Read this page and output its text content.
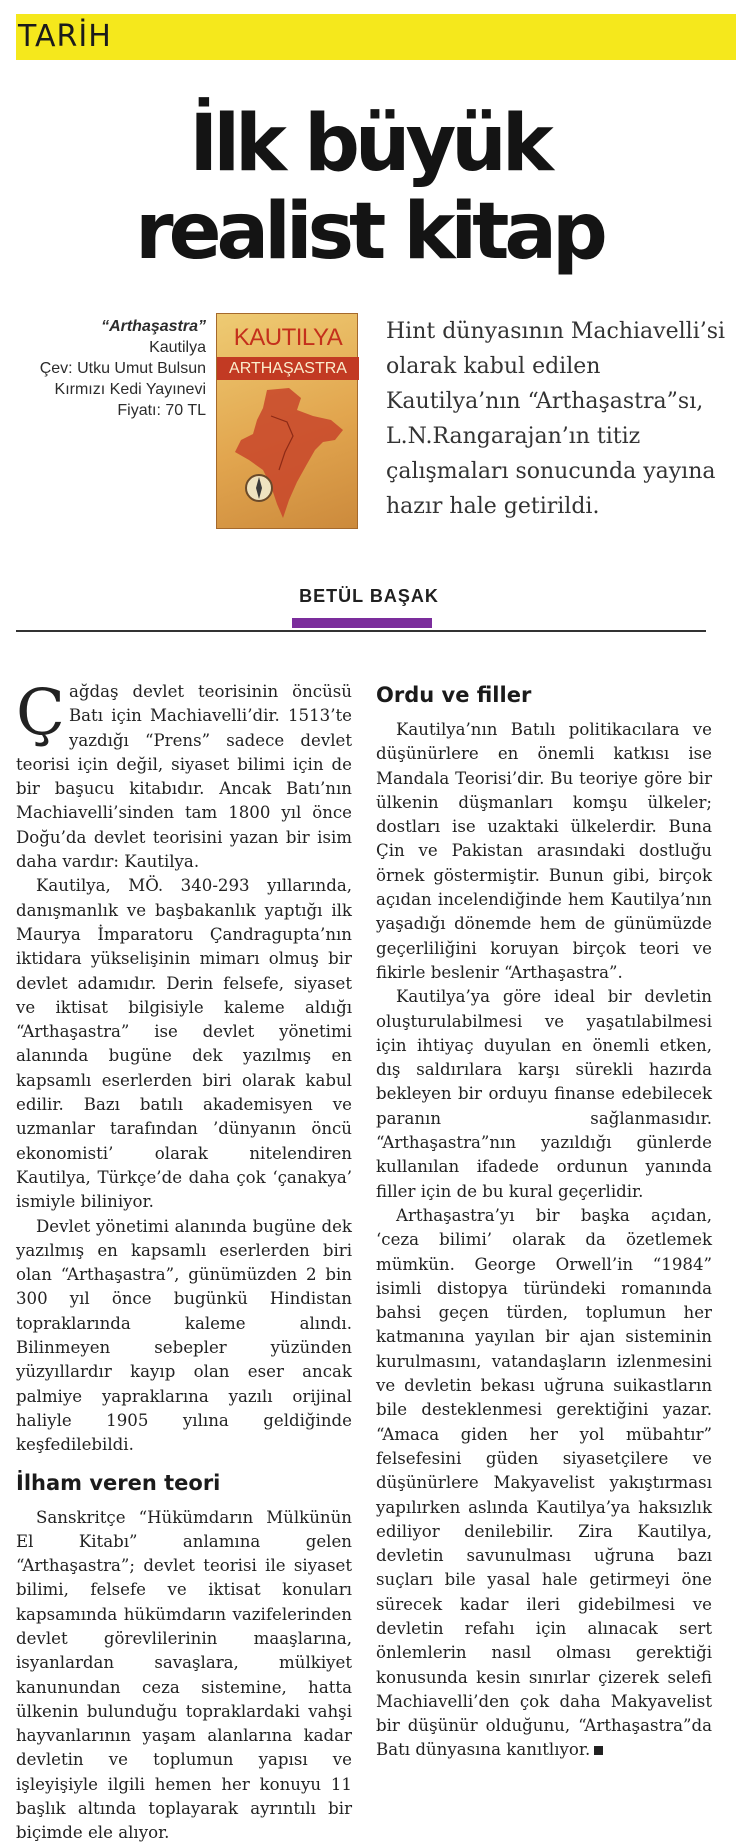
TARİH
İlk büyük
realist kitap
“Arthaşastra”
Kautilya
Çev: Utku Umut Bulsun
Kırmızı Kedi Yayınevi
Fiyatı: 70 TL
KAUTILYA
ARTHAŞASTRA
Hint dünyasının Machiavelli’si olarak kabul edilen Kautilya’nın “Arthaşastra”sı, L.N.Rangarajan’ın titiz çalışmaları sonucunda yayına hazır hale getirildi.
BETÜL BAŞAK

Çağdaş devlet teorisinin öncüsü Batı için Machiavelli’dir. 1513’te yazdığı “Prens” sadece devlet teorisi için değil, siyaset bilimi için de bir başucu kitabıdır. Ancak Batı’nın Machiavelli’sinden tam 1800 yıl önce Doğu’da devlet teorisini yazan bir isim daha vardır: Kautilya.

Kautilya, MÖ. 340-293 yıllarında, danışmanlık ve başbakanlık yaptığı ilk Maurya İmparatoru Çandragupta’nın iktidara yükselişinin mimarı olmuş bir devlet adamıdır. Derin felsefe, siyaset ve iktisat bilgisiyle kaleme aldığı “Arthaşastra” ise devlet yönetimi alanında bugüne dek yazılmış en kapsamlı eserlerden biri olarak kabul edilir. Bazı batılı akademisyen ve uzmanlar tarafından ’dünyanın öncü ekonomisti’ olarak nitelendiren Kautilya, Türkçe’de daha çok ‘çanakya’ ismiyle biliniyor.

Devlet yönetimi alanında bugüne dek yazılmış en kapsamlı eserlerden biri olan “Arthaşastra”, günümüzden 2 bin 300 yıl önce bugünkü Hindistan topraklarında kaleme alındı. Bilinmeyen sebepler yüzünden yüzyıllardır kayıp olan eser ancak palmiye yapraklarına yazılı orijinal haliyle 1905 yılına geldiğinde keşfedilebildi.

İlham veren teori

Sanskritçe “Hükümdarın Mülkünün El Kitabı” anlamına gelen “Arthaşastra”; devlet teorisi ile siyaset bilimi, felsefe ve iktisat konuları kapsamında hükümdarın vazifelerinden devlet görevlilerinin maaşlarına, isyanlardan savaşlara, mülkiyet kanunundan ceza sistemine, hatta ülkenin bulunduğu topraklardaki vahşi hayvanlarının yaşam alanlarına kadar devletin ve toplumun yapısı ve işleyişiyle ilgili hemen her konuyu 11 başlık altında toplayarak ayrıntılı bir biçimde ele alıyor.

Ordu ve filler

Kautilya’nın Batılı politikacılara ve düşünürlere en önemli katkısı ise Mandala Teorisi’dir. Bu teoriye göre bir ülkenin düşmanları komşu ülkeler; dostları ise uzaktaki ülkelerdir. Buna Çin ve Pakistan arasındaki dostluğu örnek göstermiştir. Bunun gibi, birçok açıdan incelendiğinde hem Kautilya’nın yaşadığı dönemde hem de günümüzde geçerliliğini koruyan birçok teori ve fikirle beslenir “Arthaşastra”.

Kautilya’ya göre ideal bir devletin oluşturulabilmesi ve yaşatılabilmesi için ihtiyaç duyulan en önemli etken, dış saldırılara karşı sürekli hazırda bekleyen bir orduyu finanse edebilecek paranın sağlanmasıdır. “Arthaşastra”nın yazıldığı günlerde kullanılan ifadede ordunun yanında filler için de bu kural geçerlidir.

Arthaşastra’yı bir başka açıdan, ‘ceza bilimi’ olarak da özetlemek mümkün. George Orwell’in “1984” isimli distopya türündeki romanında bahsi geçen türden, toplumun her katmanına yayılan bir ajan sisteminin kurulmasını, vatandaşların izlenmesini ve devletin bekası uğruna suikastların bile desteklenmesi gerektiğini yazar. “Amaca giden her yol mübahtır” felsefesini güden siyasetçilere ve düşünürlere Makyavelist yakıştırması yapılırken aslında Kautilya’ya haksızlık ediliyor denilebilir. Zira Kautilya, devletin savunulması uğruna bazı suçları bile yasal hale getirmeyi öne sürecek kadar ileri gidebilmesi ve devletin refahı için alınacak sert önlemlerin nasıl olması gerektiği konusunda kesin sınırlar çizerek selefi Machiavelli’den çok daha Makyavelist bir düşünür olduğunu, “Arthaşastra”da Batı dünyasına kanıtlıyor.
